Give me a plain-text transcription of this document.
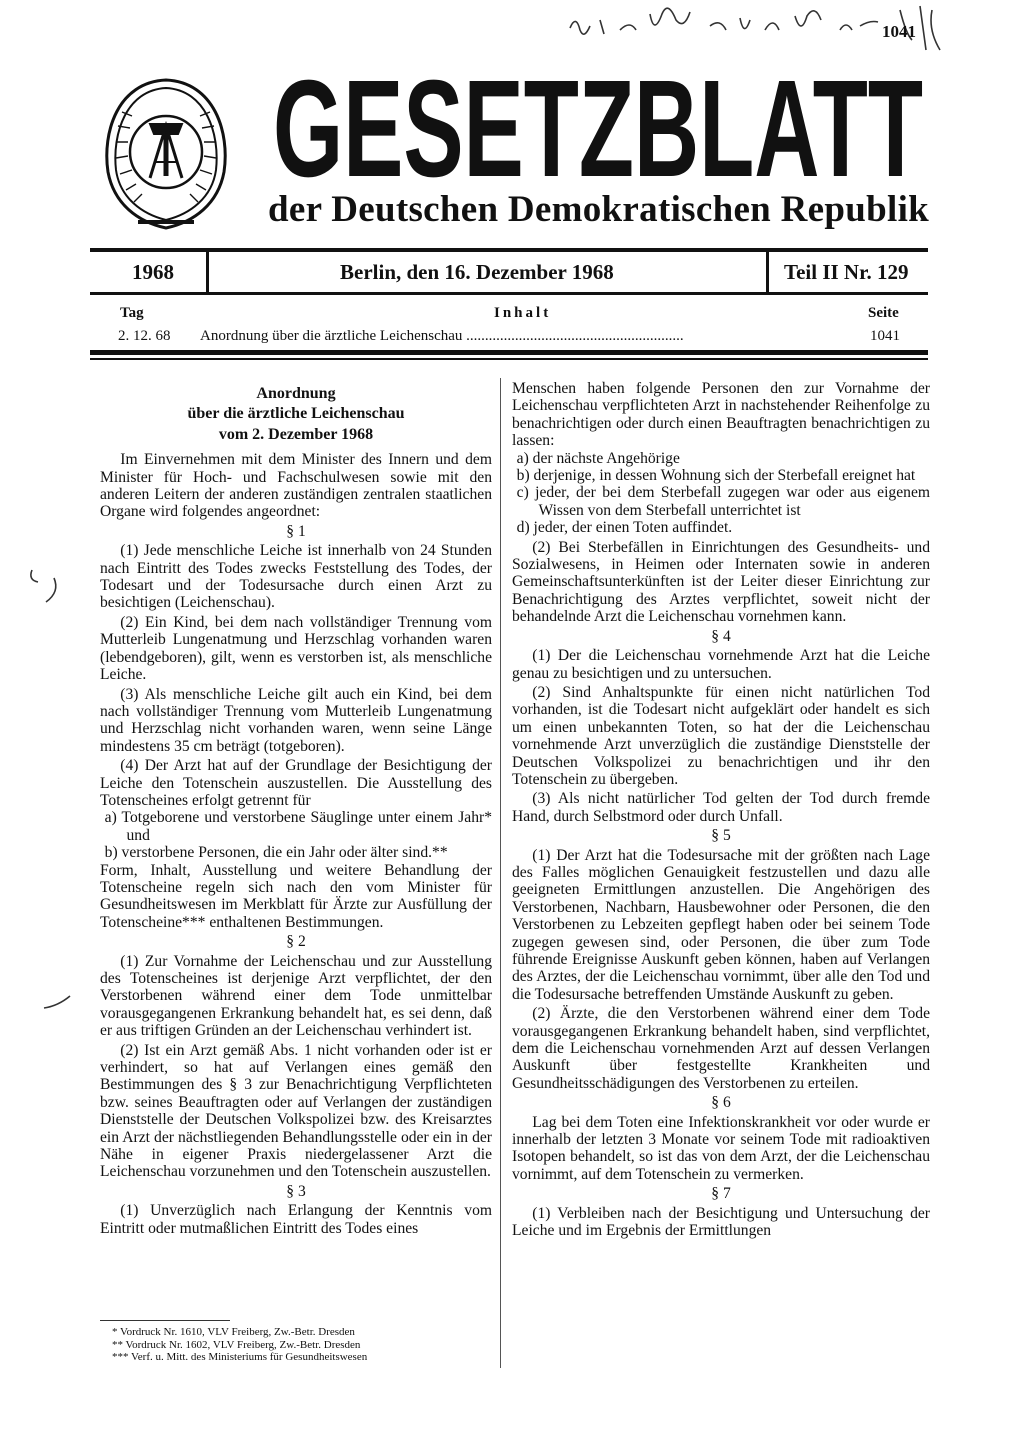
1041
GESETZBLATT
der Deutschen Demokratischen Republik
1968	Berlin, den 16. Dezember 1968	Teil II Nr. 129
Tag	Inhalt	Seite
2. 12. 68 Anordnung über die ärztliche Leichenschau ..........................................................	1041

Anordnung

über die ärztliche Leichenschau

vom 2. Dezember 1968

Im Einvernehmen mit dem Minister des Innern und dem Minister für Hoch- und Fachschulwesen sowie mit den anderen Leitern der anderen zuständigen zentralen staatlichen Organe wird folgendes angeordnet:

§ 1

(1) Jede menschliche Leiche ist innerhalb von 24 Stunden nach Eintritt des Todes zwecks Feststellung des Todes, der Todesart und der Todesursache durch einen Arzt zu besichtigen (Leichenschau).

(2) Ein Kind, bei dem nach vollständiger Trennung vom Mutterleib Lungenatmung und Herzschlag vorhanden waren (lebendgeboren), gilt, wenn es verstorben ist, als menschliche Leiche.

(3) Als menschliche Leiche gilt auch ein Kind, bei dem nach vollständiger Trennung vom Mutterleib Lungenatmung und Herzschlag nicht vorhanden waren, wenn seine Länge mindestens 35 cm beträgt (totgeboren).

(4) Der Arzt hat auf der Grundlage der Besichtigung der Leiche den Totenschein auszustellen. Die Ausstellung des Totenscheines erfolgt getrennt für

a) Totgeborene und verstorbene Säuglinge unter einem Jahr* und

b) verstorbene Personen, die ein Jahr oder älter sind.**

Form, Inhalt, Ausstellung und weitere Behandlung der Totenscheine regeln sich nach den vom Minister für Gesundheitswesen im Merkblatt für Ärzte zur Ausfüllung der Totenscheine*** enthaltenen Bestimmungen.

§ 2

(1) Zur Vornahme der Leichenschau und zur Ausstellung des Totenscheines ist derjenige Arzt verpflichtet, der den Verstorbenen während einer dem Tode unmittelbar vorausgegangenen Erkrankung behandelt hat, es sei denn, daß er aus triftigen Gründen an der Leichenschau verhindert ist.

(2) Ist ein Arzt gemäß Abs. 1 nicht vorhanden oder ist er verhindert, so hat auf Verlangen eines gemäß den Bestimmungen des § 3 zur Benachrichtigung Verpflichteten bzw. seines Beauftragten oder auf Verlangen der zuständigen Dienststelle der Deutschen Volkspolizei bzw. des Kreisarztes ein Arzt der nächstliegenden Behandlungsstelle oder ein in der Nähe in eigener Praxis niedergelassener Arzt die Leichenschau vorzunehmen und den Totenschein auszustellen.

§ 3

(1) Unverzüglich nach Erlangung der Kenntnis vom Eintritt oder mutmaßlichen Eintritt des Todes eines

* Vordruck Nr. 1610, VLV Freiberg, Zw.-Betr. Dresden
** Vordruck Nr. 1602, VLV Freiberg, Zw.-Betr. Dresden
*** Verf. u. Mitt. des Ministeriums für Gesundheitswesen

Menschen haben folgende Personen den zur Vornahme der Leichenschau verpflichteten Arzt in nachstehender Reihenfolge zu benachrichtigen oder durch einen Beauftragten benachrichtigen zu lassen:

a) der nächste Angehörige

b) derjenige, in dessen Wohnung sich der Sterbefall ereignet hat

c) jeder, der bei dem Sterbefall zugegen war oder aus eigenem Wissen von dem Sterbefall unterrichtet ist

d) jeder, der einen Toten auffindet.

(2) Bei Sterbefällen in Einrichtungen des Gesundheits- und Sozialwesens, in Heimen oder Internaten sowie in anderen Gemeinschaftsunterkünften ist der Leiter dieser Einrichtung zur Benachrichtigung des Arztes verpflichtet, soweit nicht der behandelnde Arzt die Leichenschau vornehmen kann.

§ 4

(1) Der die Leichenschau vornehmende Arzt hat die Leiche genau zu besichtigen und zu untersuchen.

(2) Sind Anhaltspunkte für einen nicht natürlichen Tod vorhanden, ist die Todesart nicht aufgeklärt oder handelt es sich um einen unbekannten Toten, so hat der die Leichenschau vornehmende Arzt unverzüglich die zuständige Dienststelle der Deutschen Volkspolizei zu benachrichtigen und ihr den Totenschein zu übergeben.

(3) Als nicht natürlicher Tod gelten der Tod durch fremde Hand, durch Selbstmord oder durch Unfall.

§ 5

(1) Der Arzt hat die Todesursache mit der größten nach Lage des Falles möglichen Genauigkeit festzustellen und dazu alle geeigneten Ermittlungen anzustellen. Die Angehörigen des Verstorbenen, Nachbarn, Hausbewohner oder Personen, die den Verstorbenen zu Lebzeiten gepflegt haben oder bei seinem Tode zugegen gewesen sind, oder Personen, die über zum Tode führende Ereignisse Auskunft geben können, haben auf Verlangen des Arztes, der die Leichenschau vornimmt, über alle den Tod und die Todesursache betreffenden Umstände Auskunft zu geben.

(2) Ärzte, die den Verstorbenen während einer dem Tode vorausgegangenen Erkrankung behandelt haben, sind verpflichtet, dem die Leichenschau vornehmenden Arzt auf dessen Verlangen Auskunft über festgestellte Krankheiten und Gesundheitsschädigungen des Verstorbenen zu erteilen.

§ 6

Lag bei dem Toten eine Infektionskrankheit vor oder wurde er innerhalb der letzten 3 Monate vor seinem Tode mit radioaktiven Isotopen behandelt, so ist das von dem Arzt, der die Leichenschau vornimmt, auf dem Totenschein zu vermerken.

§ 7

(1) Verbleiben nach der Besichtigung und Untersuchung der Leiche und im Ergebnis der Ermittlungen
